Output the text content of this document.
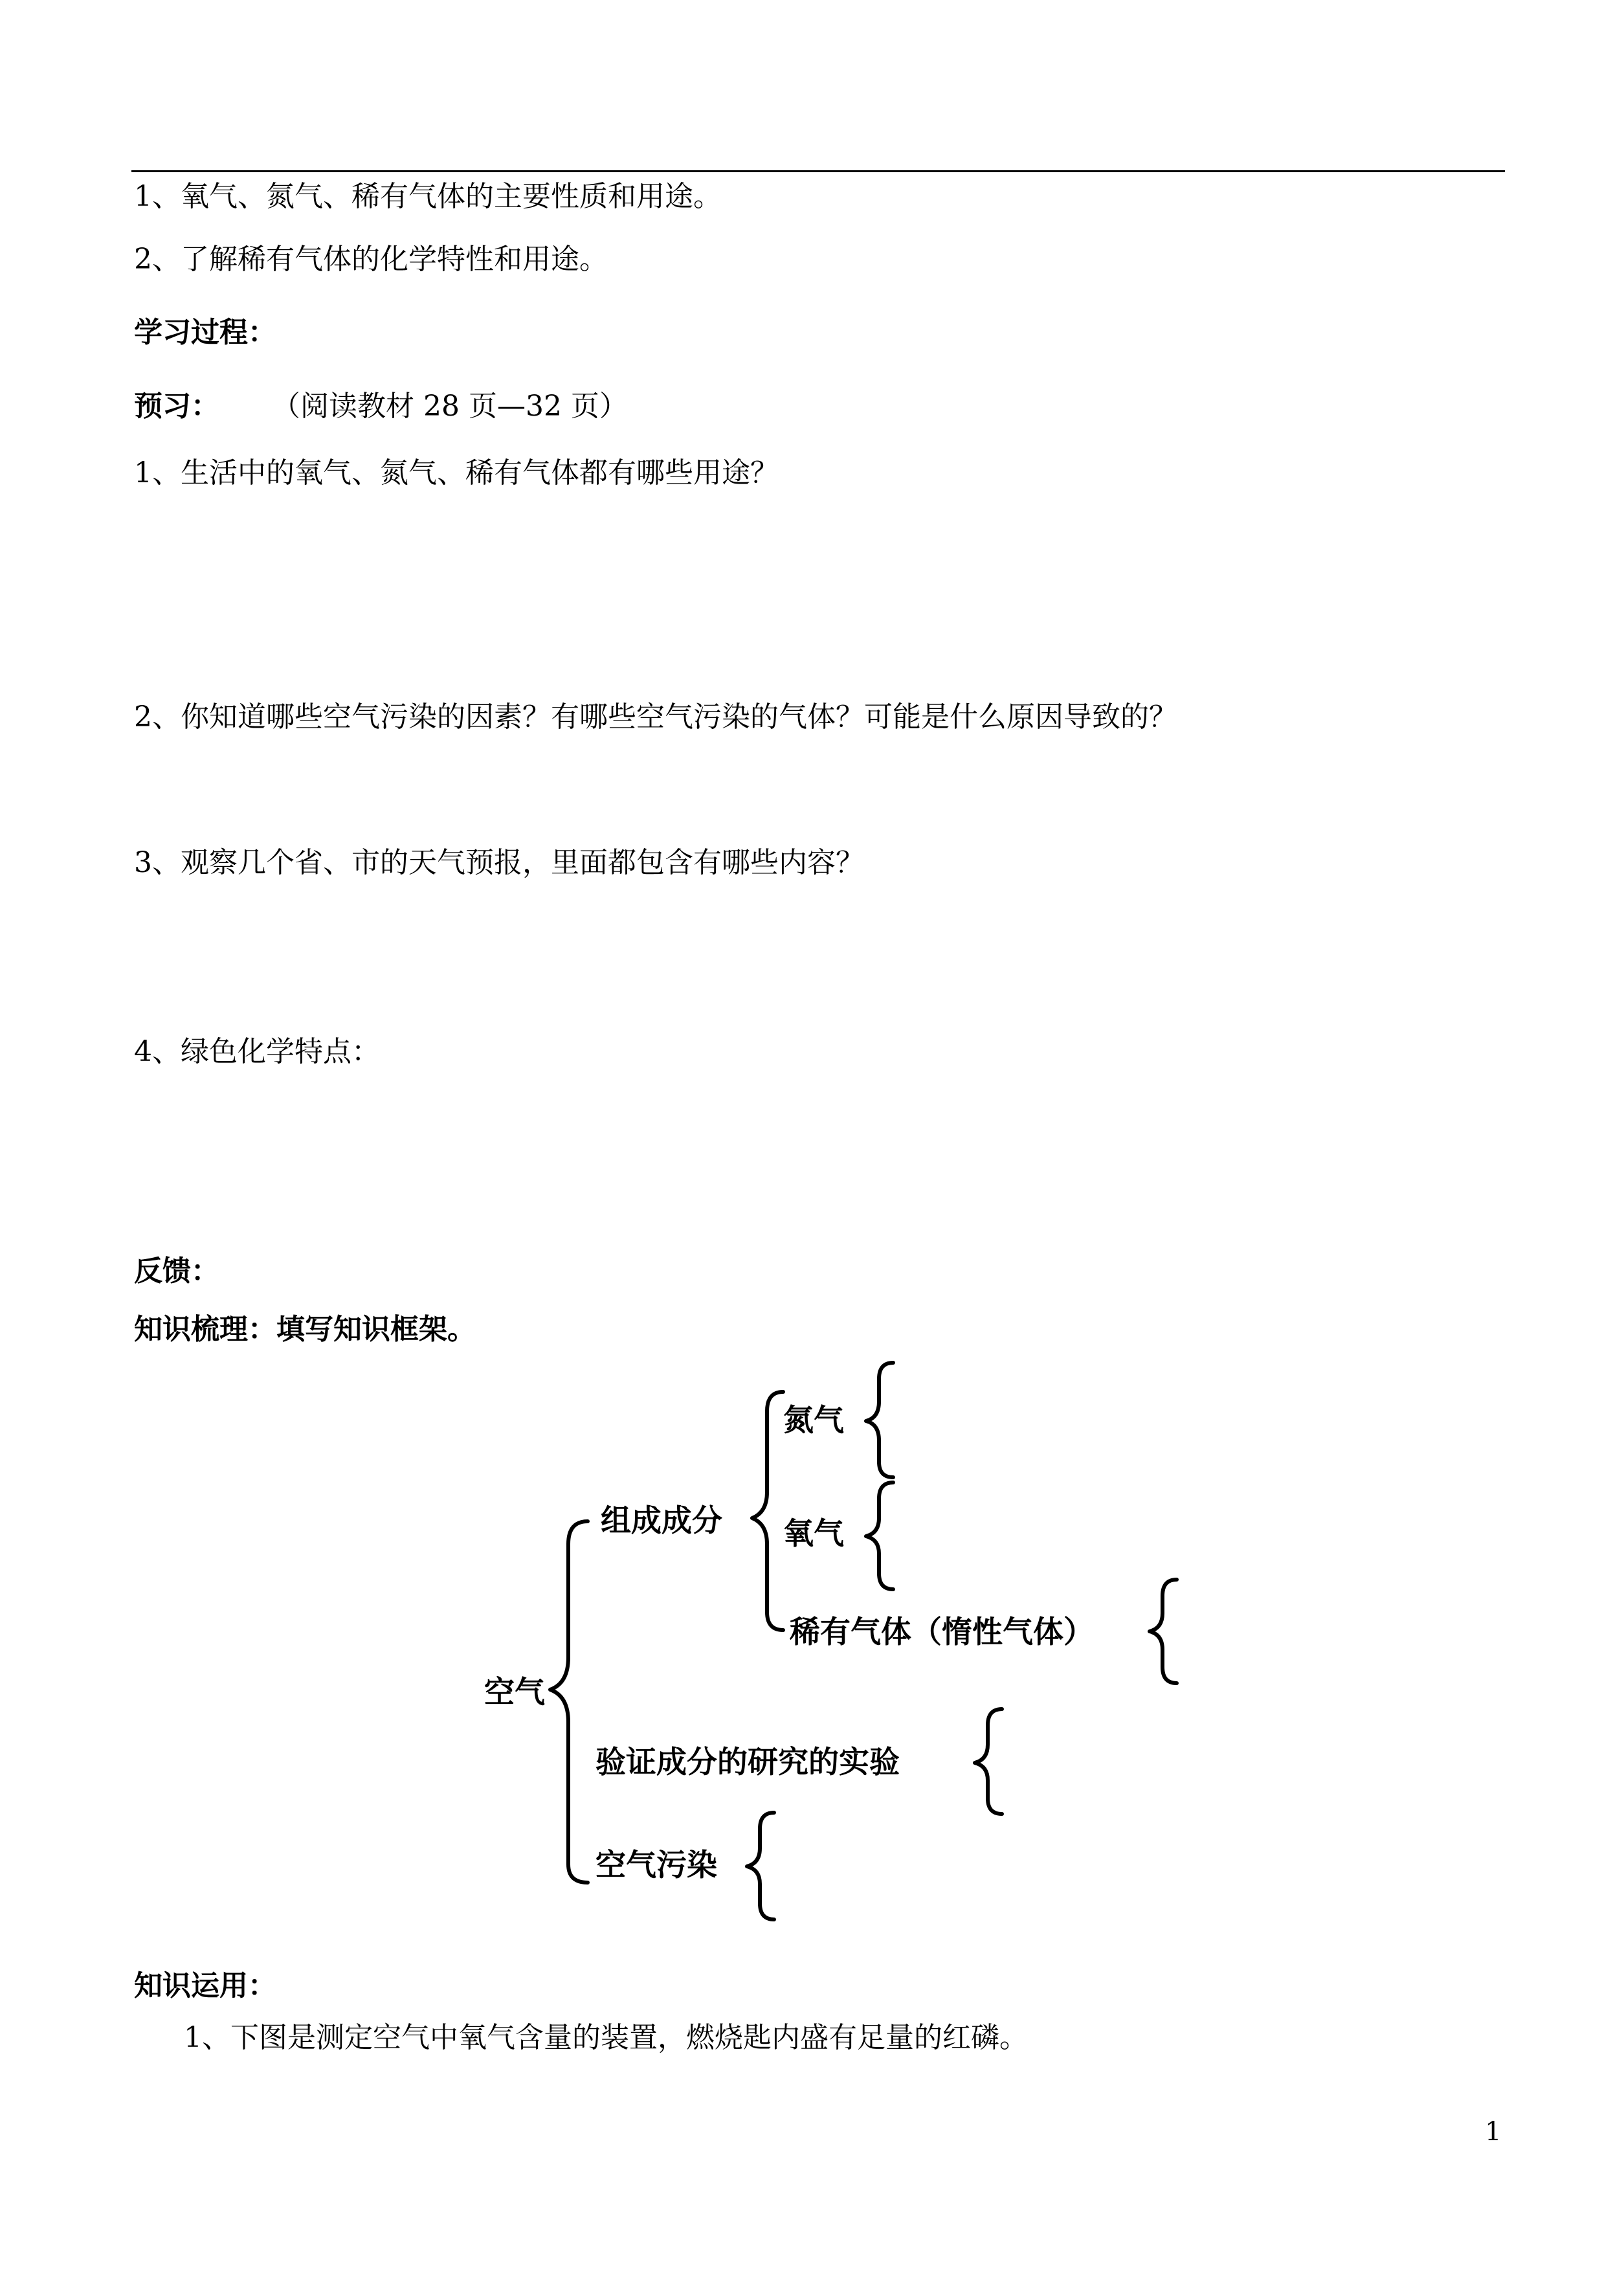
1、氧气、氮气、稀有气体的主要性质和用途。
2、了解稀有气体的化学特性和用途。
学习过程：
预习： （阅读教材 28 页—32 页）
1、生活中的氧气、氮气、稀有气体都有哪些用途？
2、你知道哪些空气污染的因素？有哪些空气污染的气体？可能是什么原因导致的？
3、观察几个省、市的天气预报，里面都包含有哪些内容？
4、绿色化学特点：
反馈：
知识梳理：填写知识框架。
空气
组成成分
氮气
氧气
稀有气体（惰性气体）
验证成分的研究的实验
空气污染
知识运用：
1、下图是测定空气中氧气含量的装置，燃烧匙内盛有足量的红磷。
1
